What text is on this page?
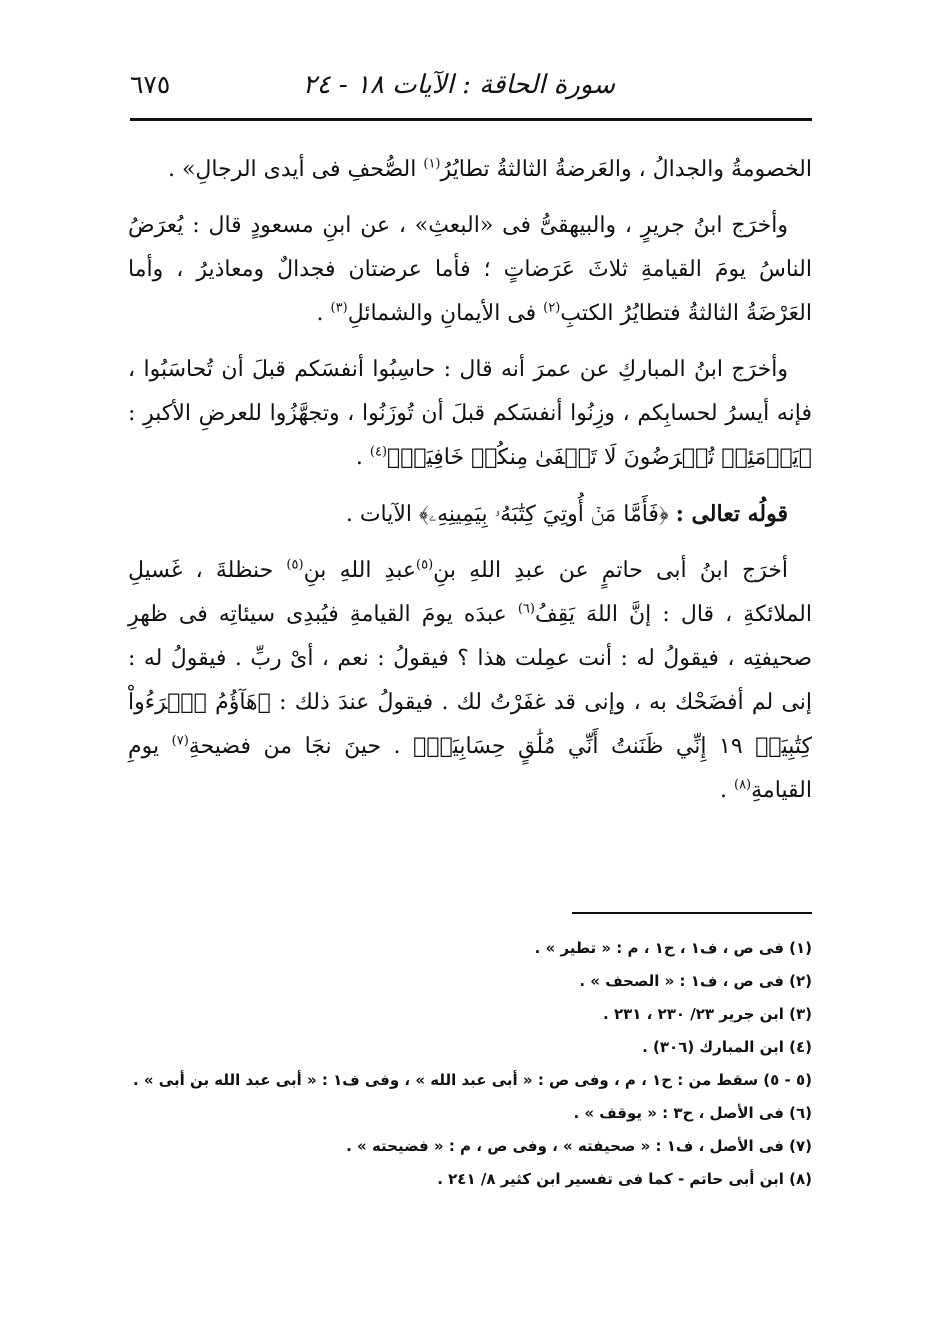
سورة الحاقة : الآيات ١٨ - ٢٤
٦٧٥

الخصومةُ والجدالُ ، والعَرضةُ الثالثةُ تطايُرُ$^{(١)}$ الصُّحفِ فى أيدى الرجالِ» .

وأخرَج ابنُ جريرٍ ، والبيهقىُّ فى «البعثِ» ، عن ابنِ مسعودٍ قال : يُعرَضُ الناسُ يومَ القيامةِ ثلاثَ عَرَضاتٍ ؛ فأما عرضتان فجدالٌ ومعاذيرُ ، وأما العَرْضَةُ الثالثةُ فتطايُرُ الكتبِ$^{(٢)}$ فى الأيمانِ والشمائلِ$^{(٣)}$ .

وأخرَج ابنُ المباركِ عن عمرَ أنه قال : حاسِبُوا أنفسَكم قبلَ أن تُحاسَبُوا ، فإنه أيسرُ لحسابِكم ، وزِنُوا أنفسَكم قبلَ أن تُوزَنُوا ، وتجهَّزُوا للعرضِ الأكبرِ : ﴿يَوۡمَئِذٖ تُعۡرَضُونَ لَا تَخۡفَىٰ مِنكُمۡ خَافِيَةٞ﴾$^{(٤)}$ .

قولُه تعالى : ﴿فَأَمَّا مَنۡ أُوتِيَ كِتَٰبَهُۥ بِيَمِينِهِۦ﴾ الآيات .

أخرَج ابنُ أبى حاتمٍ عن عبدِ اللهِ بنِ$^{(٥)}$عبدِ اللهِ بنِ$^{(٥)}$ حنظلةَ ، غَسيلِ الملائكةِ ، قال : إنَّ اللهَ يَقِفُ$^{(٦)}$ عبدَه يومَ القيامةِ فيُبدِى سيئاتِه فى ظهرِ صحيفتِه ، فيقولُ له : أنت عمِلت هذا ؟ فيقولُ : نعم ، أىْ ربِّ . فيقولُ له : إنى لم أفضَحْك به ، وإنى قد غفَرْتُ لك . فيقولُ عندَ ذلك : ﴿هَآؤُمُ ٱقۡرَءُواْ كِتَٰبِيَهۡ ١٩ إِنِّي ظَنَنتُ أَنِّي مُلَٰقٍ حِسَابِيَهۡ﴾ . حينَ نجَا من فضيحةِ$^{(٧)}$ يومِ القيامةِ$^{(٨)}$ .

(١) فى ص ، ف١ ، ح١ ، م : « تطير » .
(٢) فى ص ، ف١ : « الصحف » .
(٣) ابن جرير ٢٣/ ٢٣٠ ، ٢٣١ .
(٤) ابن المبارك (٣٠٦) .
(٥ - ٥) سقط من : ح١ ، م ، وفى ص : « أبى عبد الله » ، وفى ف١ : « أبى عبد الله بن أبى » .
(٦) فى الأصل ، ح٣ : « يوقف » .
(٧) فى الأصل ، ف١ : « صحيفته » ، وفى ص ، م : « فضيحته » .
(٨) ابن أبى حاتم - كما فى تفسير ابن كثير ٨/ ٢٤١ .
